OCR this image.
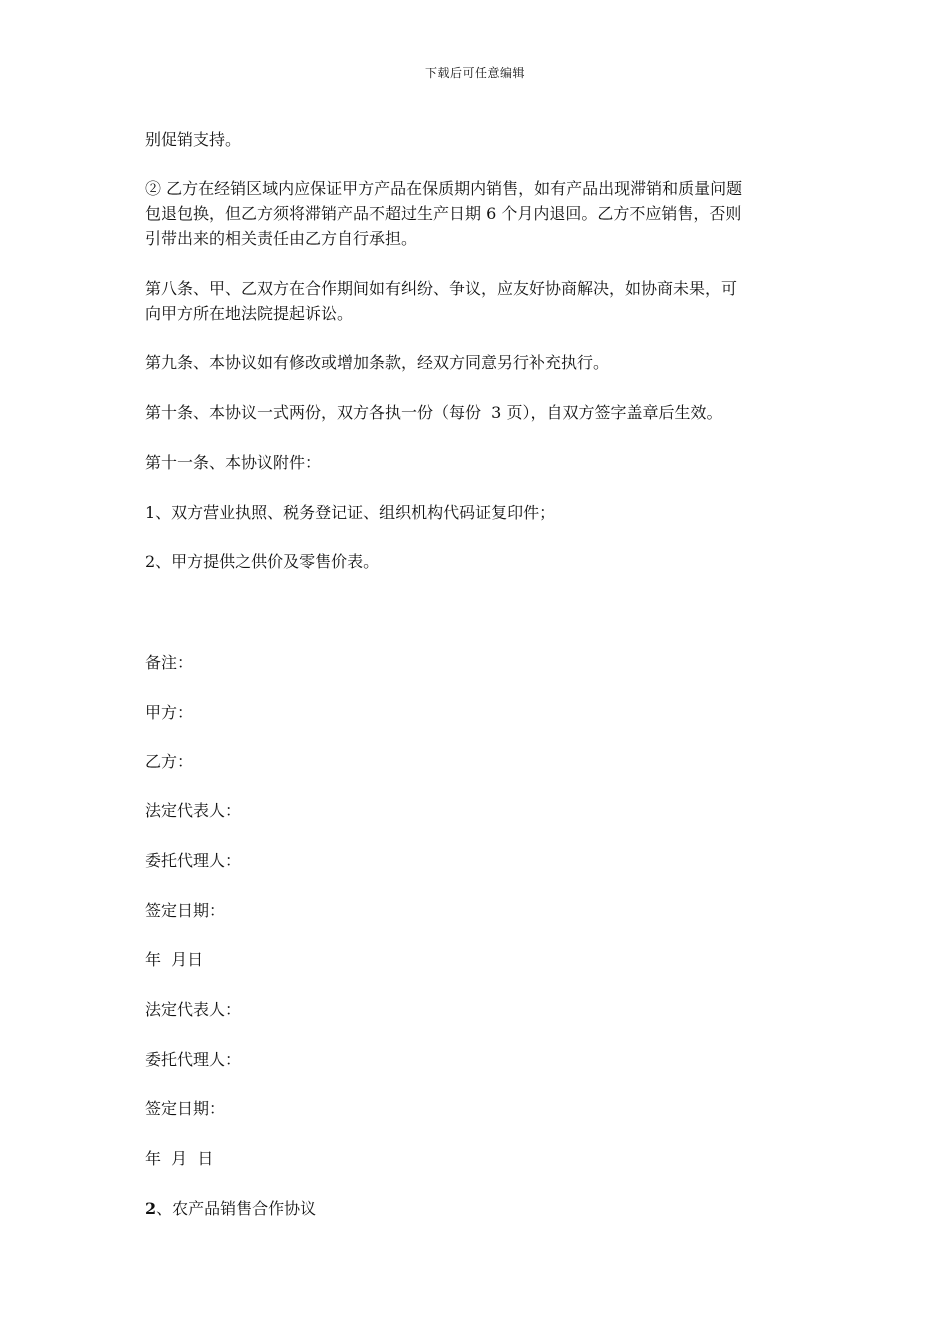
下载后可任意编辑
别促销支持。
② 乙方在经销区域内应保证甲方产品在保质期内销售，如有产品出现滞销和质量问题
包退包换，但乙方须将滞销产品不超过生产日期 6 个月内退回。乙方不应销售，否则
引带出来的相关责任由乙方自行承担。
第八条、甲、乙双方在合作期间如有纠纷、争议，应友好协商解决，如协商未果，可
向甲方所在地法院提起诉讼。
第九条、本协议如有修改或增加条款，经双方同意另行补充执行。
第十条、本协议一式两份，双方各执一份（每份  3 页），自双方签字盖章后生效。
第十一条、本协议附件：
1、双方营业执照、税务登记证、组织机构代码证复印件；
2、甲方提供之供价及零售价表。
备注：
甲方：
乙方：
法定代表人：
委托代理人：
签定日期：
年  月日
法定代表人：
委托代理人：
签定日期：
年  月  日
2、农产品销售合作协议
